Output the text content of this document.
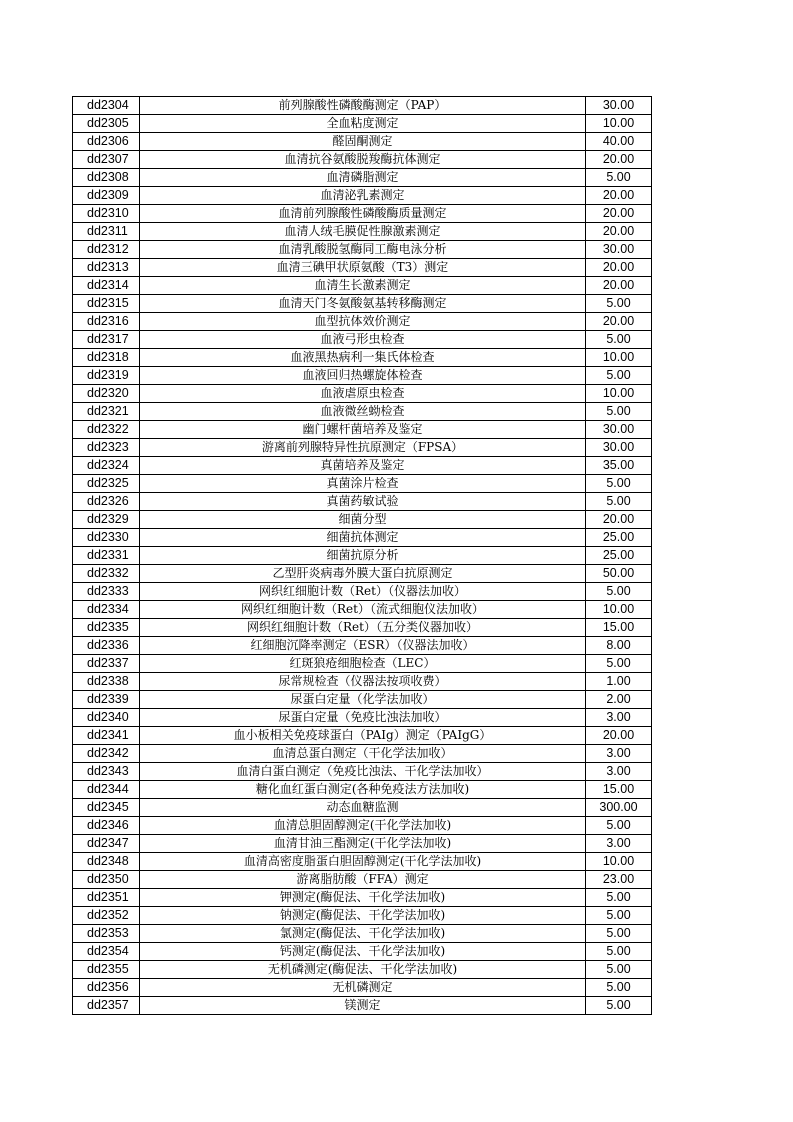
dd2304	前列腺酸性磷酸酶测定（PAP）	30.00
dd2305	全血粘度测定	10.00
dd2306	醛固酮测定	40.00
dd2307	血清抗谷氨酸脱羧酶抗体测定	20.00
dd2308	血清磷脂测定	5.00
dd2309	血清泌乳素测定	20.00
dd2310	血清前列腺酸性磷酸酶质量测定	20.00
dd2311	血清人绒毛膜促性腺激素测定	20.00
dd2312	血清乳酸脱氢酶同工酶电泳分析	30.00
dd2313	血清三碘甲状原氨酸（T3）测定	20.00
dd2314	血清生长激素测定	20.00
dd2315	血清天门冬氨酸氨基转移酶测定	5.00
dd2316	血型抗体效价测定	20.00
dd2317	血液弓形虫检查	5.00
dd2318	血液黑热病利一集氏体检查	10.00
dd2319	血液回归热螺旋体检查	5.00
dd2320	血液虐原虫检查	10.00
dd2321	血液微丝蚴检查	5.00
dd2322	幽门螺杆菌培养及鉴定	30.00
dd2323	游离前列腺特异性抗原测定（FPSA）	30.00
dd2324	真菌培养及鉴定	35.00
dd2325	真菌涂片检查	5.00
dd2326	真菌药敏试验	5.00
dd2329	细菌分型	20.00
dd2330	细菌抗体测定	25.00
dd2331	细菌抗原分析	25.00
dd2332	乙型肝炎病毒外膜大蛋白抗原测定	50.00
dd2333	网织红细胞计数（Ret）（仪器法加收）	5.00
dd2334	网织红细胞计数（Ret）（流式细胞仪法加收）	10.00
dd2335	网织红细胞计数（Ret）（五分类仪器加收）	15.00
dd2336	红细胞沉降率测定（ESR）（仪器法加收）	8.00
dd2337	红斑狼疮细胞检查（LEC）	5.00
dd2338	尿常规检查（仪器法按项收费）	1.00
dd2339	尿蛋白定量（化学法加收）	2.00
dd2340	尿蛋白定量（免疫比浊法加收）	3.00
dd2341	血小板相关免疫球蛋白（PAIg）测定（PAIgG）	20.00
dd2342	血清总蛋白测定（干化学法加收）	3.00
dd2343	血清白蛋白测定（免疫比浊法、干化学法加收）	3.00
dd2344	糖化血红蛋白测定(各种免疫法方法加收)	15.00
dd2345	动态血糖监测	300.00
dd2346	血清总胆固醇测定(干化学法加收)	5.00
dd2347	血清甘油三酯测定(干化学法加收)	3.00
dd2348	血清高密度脂蛋白胆固醇测定(干化学法加收)	10.00
dd2350	游离脂肪酸（FFA）测定	23.00
dd2351	钾测定(酶促法、干化学法加收)	5.00
dd2352	钠测定(酶促法、干化学法加收)	5.00
dd2353	氯测定(酶促法、干化学法加收)	5.00
dd2354	钙测定(酶促法、干化学法加收)	5.00
dd2355	无机磷测定(酶促法、干化学法加收)	5.00
dd2356	无机磷测定	5.00
dd2357	镁测定	5.00
